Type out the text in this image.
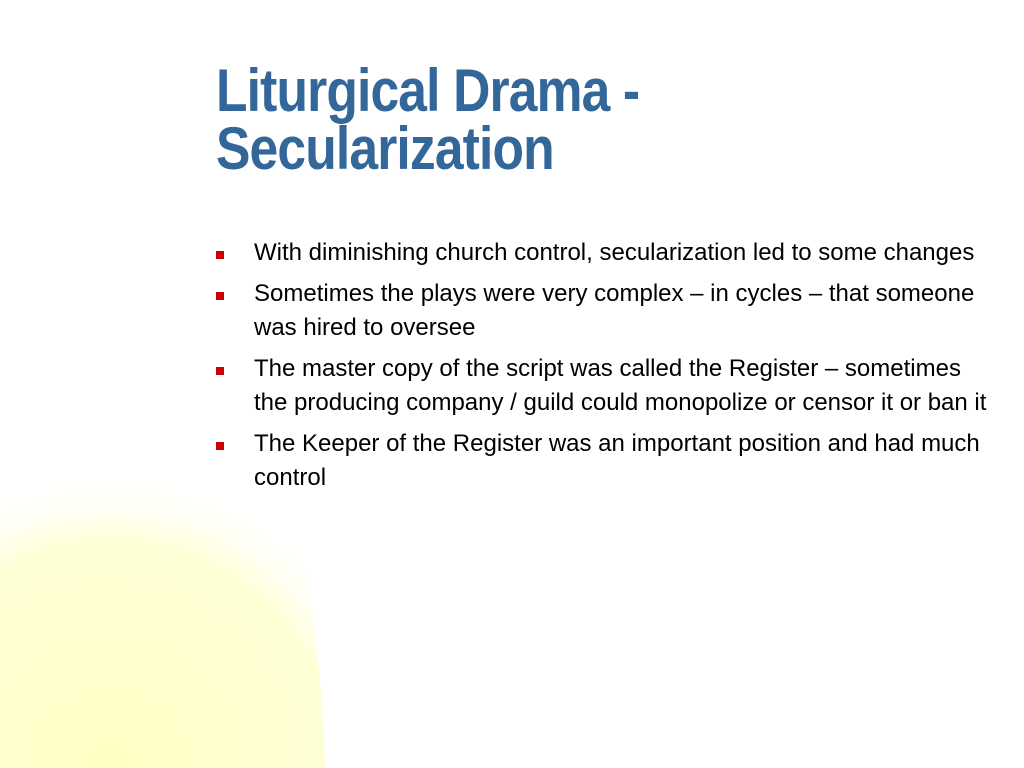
Liturgical Drama -
Secularization
With diminishing church control, secularization led to some changes
Sometimes the plays were very complex – in cycles – that someone was hired to oversee
The master copy of the script was called the Register – sometimes the producing company / guild could monopolize or censor it or ban it
The Keeper of the Register was an important position and had much control
